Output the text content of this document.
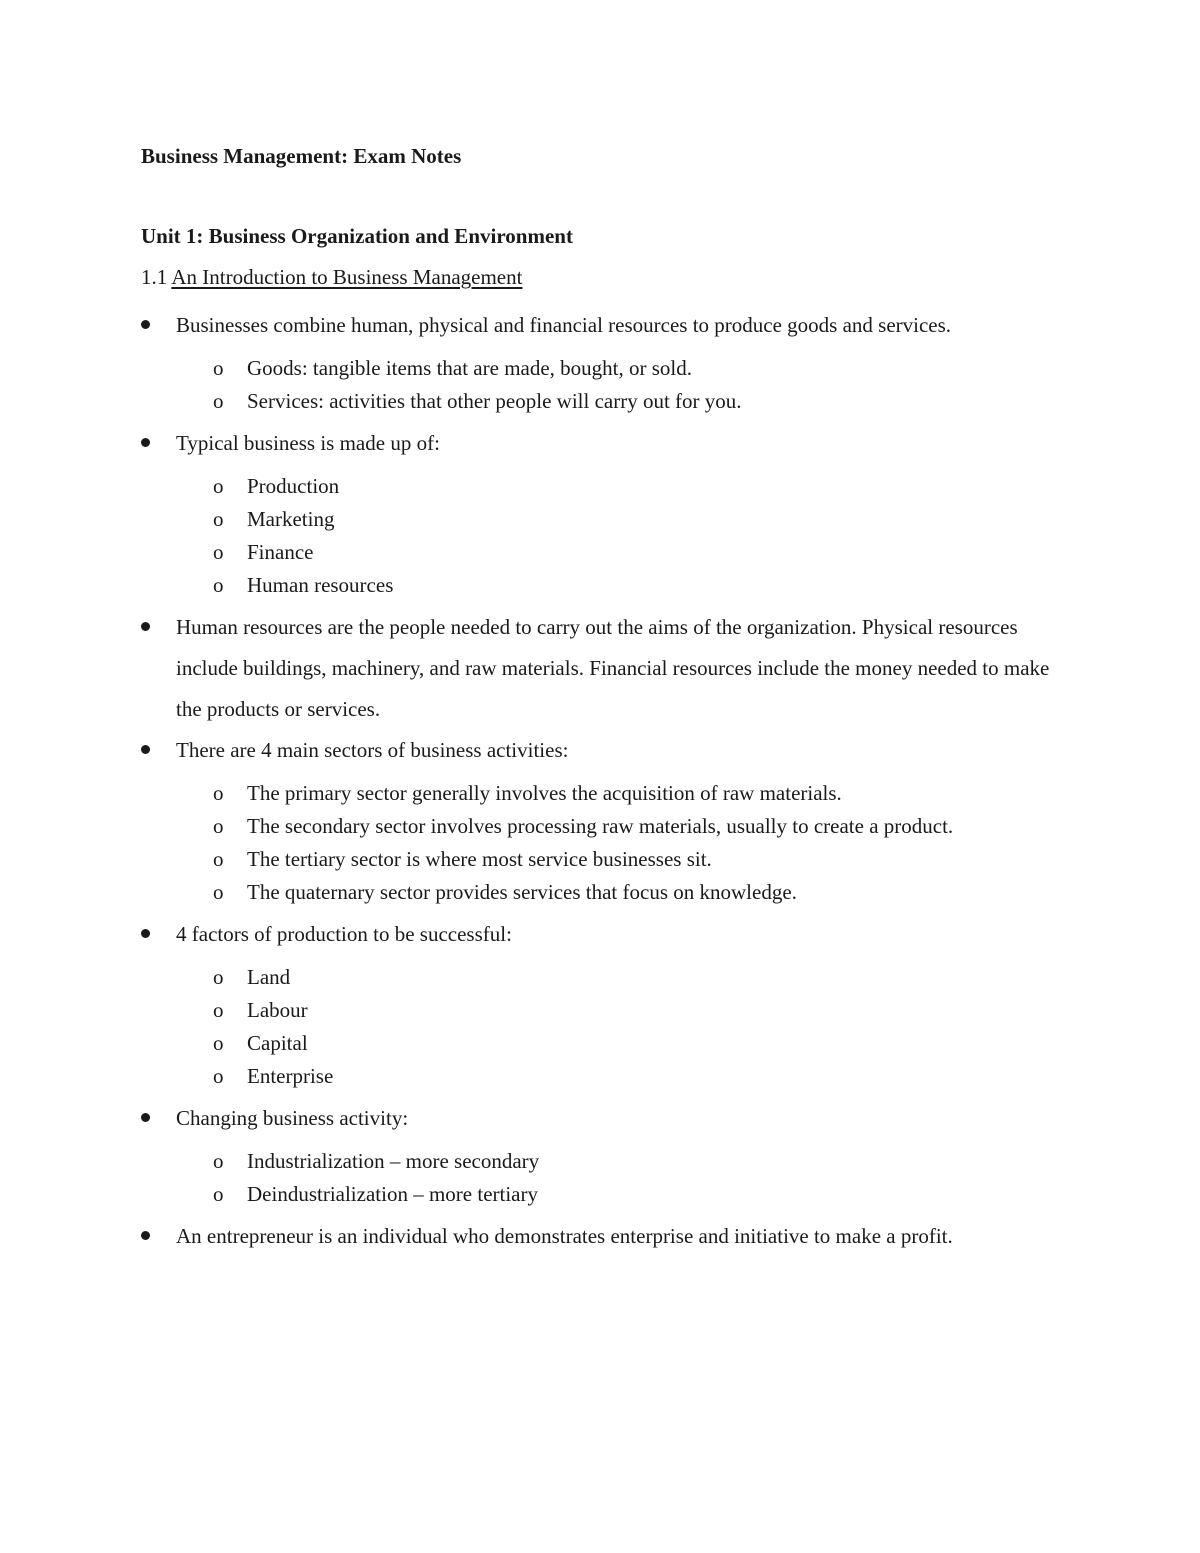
Business Management: Exam Notes
Unit 1: Business Organization and Environment
1.1 An Introduction to Business Management
Businesses combine human, physical and financial resources to produce goods and services.
o Goods: tangible items that are made, bought, or sold.
o Services: activities that other people will carry out for you.
Typical business is made up of:
o Production
o Marketing
o Finance
o Human resources
Human resources are the people needed to carry out the aims of the organization. Physical resources include buildings, machinery, and raw materials. Financial resources include the money needed to make the products or services.
There are 4 main sectors of business activities:
o The primary sector generally involves the acquisition of raw materials.
o The secondary sector involves processing raw materials, usually to create a product.
o The tertiary sector is where most service businesses sit.
o The quaternary sector provides services that focus on knowledge.
4 factors of production to be successful:
o Land
o Labour
o Capital
o Enterprise
Changing business activity:
o Industrialization – more secondary
o Deindustrialization – more tertiary
An entrepreneur is an individual who demonstrates enterprise and initiative to make a profit.
